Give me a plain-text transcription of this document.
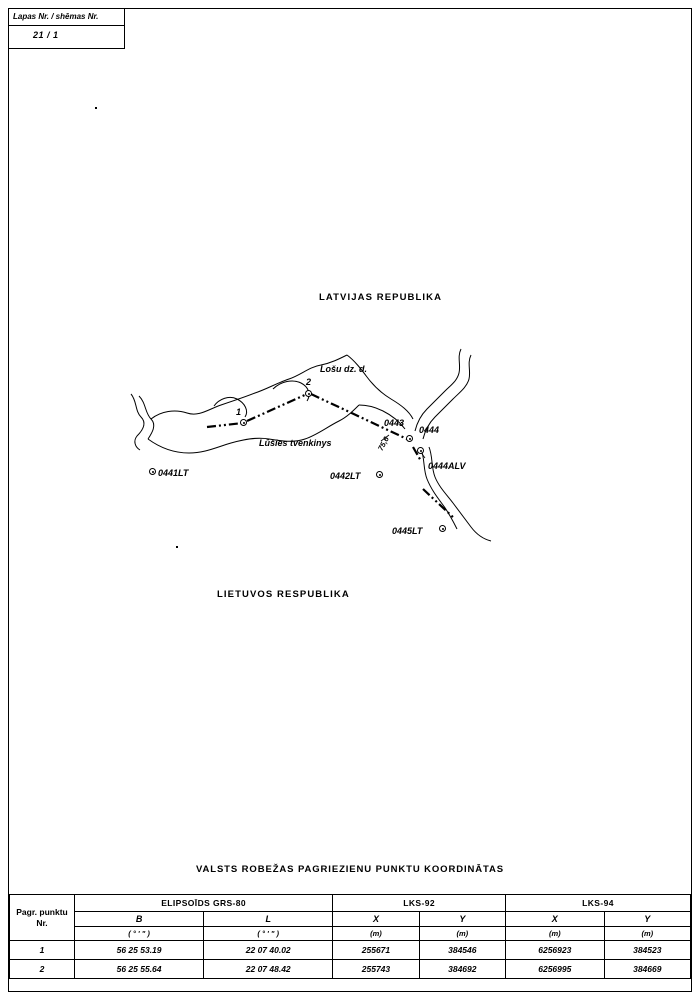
Lapas Nr. / shēmas Nr.
21 / 1
LATVIJAS REPUBLIKA
LIETUVOS RESPUBLIKA
Lošu dz. d.
Lūšies tvenkinys
1
2
0443
0444
0444ALV
0441LT	0442LT
0445LT
75,6
VALSTS ROBEŽAS PAGRIEZIENU PUNKTU KOORDINĀTAS
Pagr. punktu Nr.	ELIPSOĪDS GRS-80		LKS-92		LKS-94	
	B	L	X	Y	X	Y
	( ° ' " )	( ° ' " )	(m)	(m)	(m)	(m)
1	56 25 53.19	22 07 40.02	255671	384546	6256923	384523
2	56 25 55.64	22 07 48.42	255743	384692	6256995	384669
